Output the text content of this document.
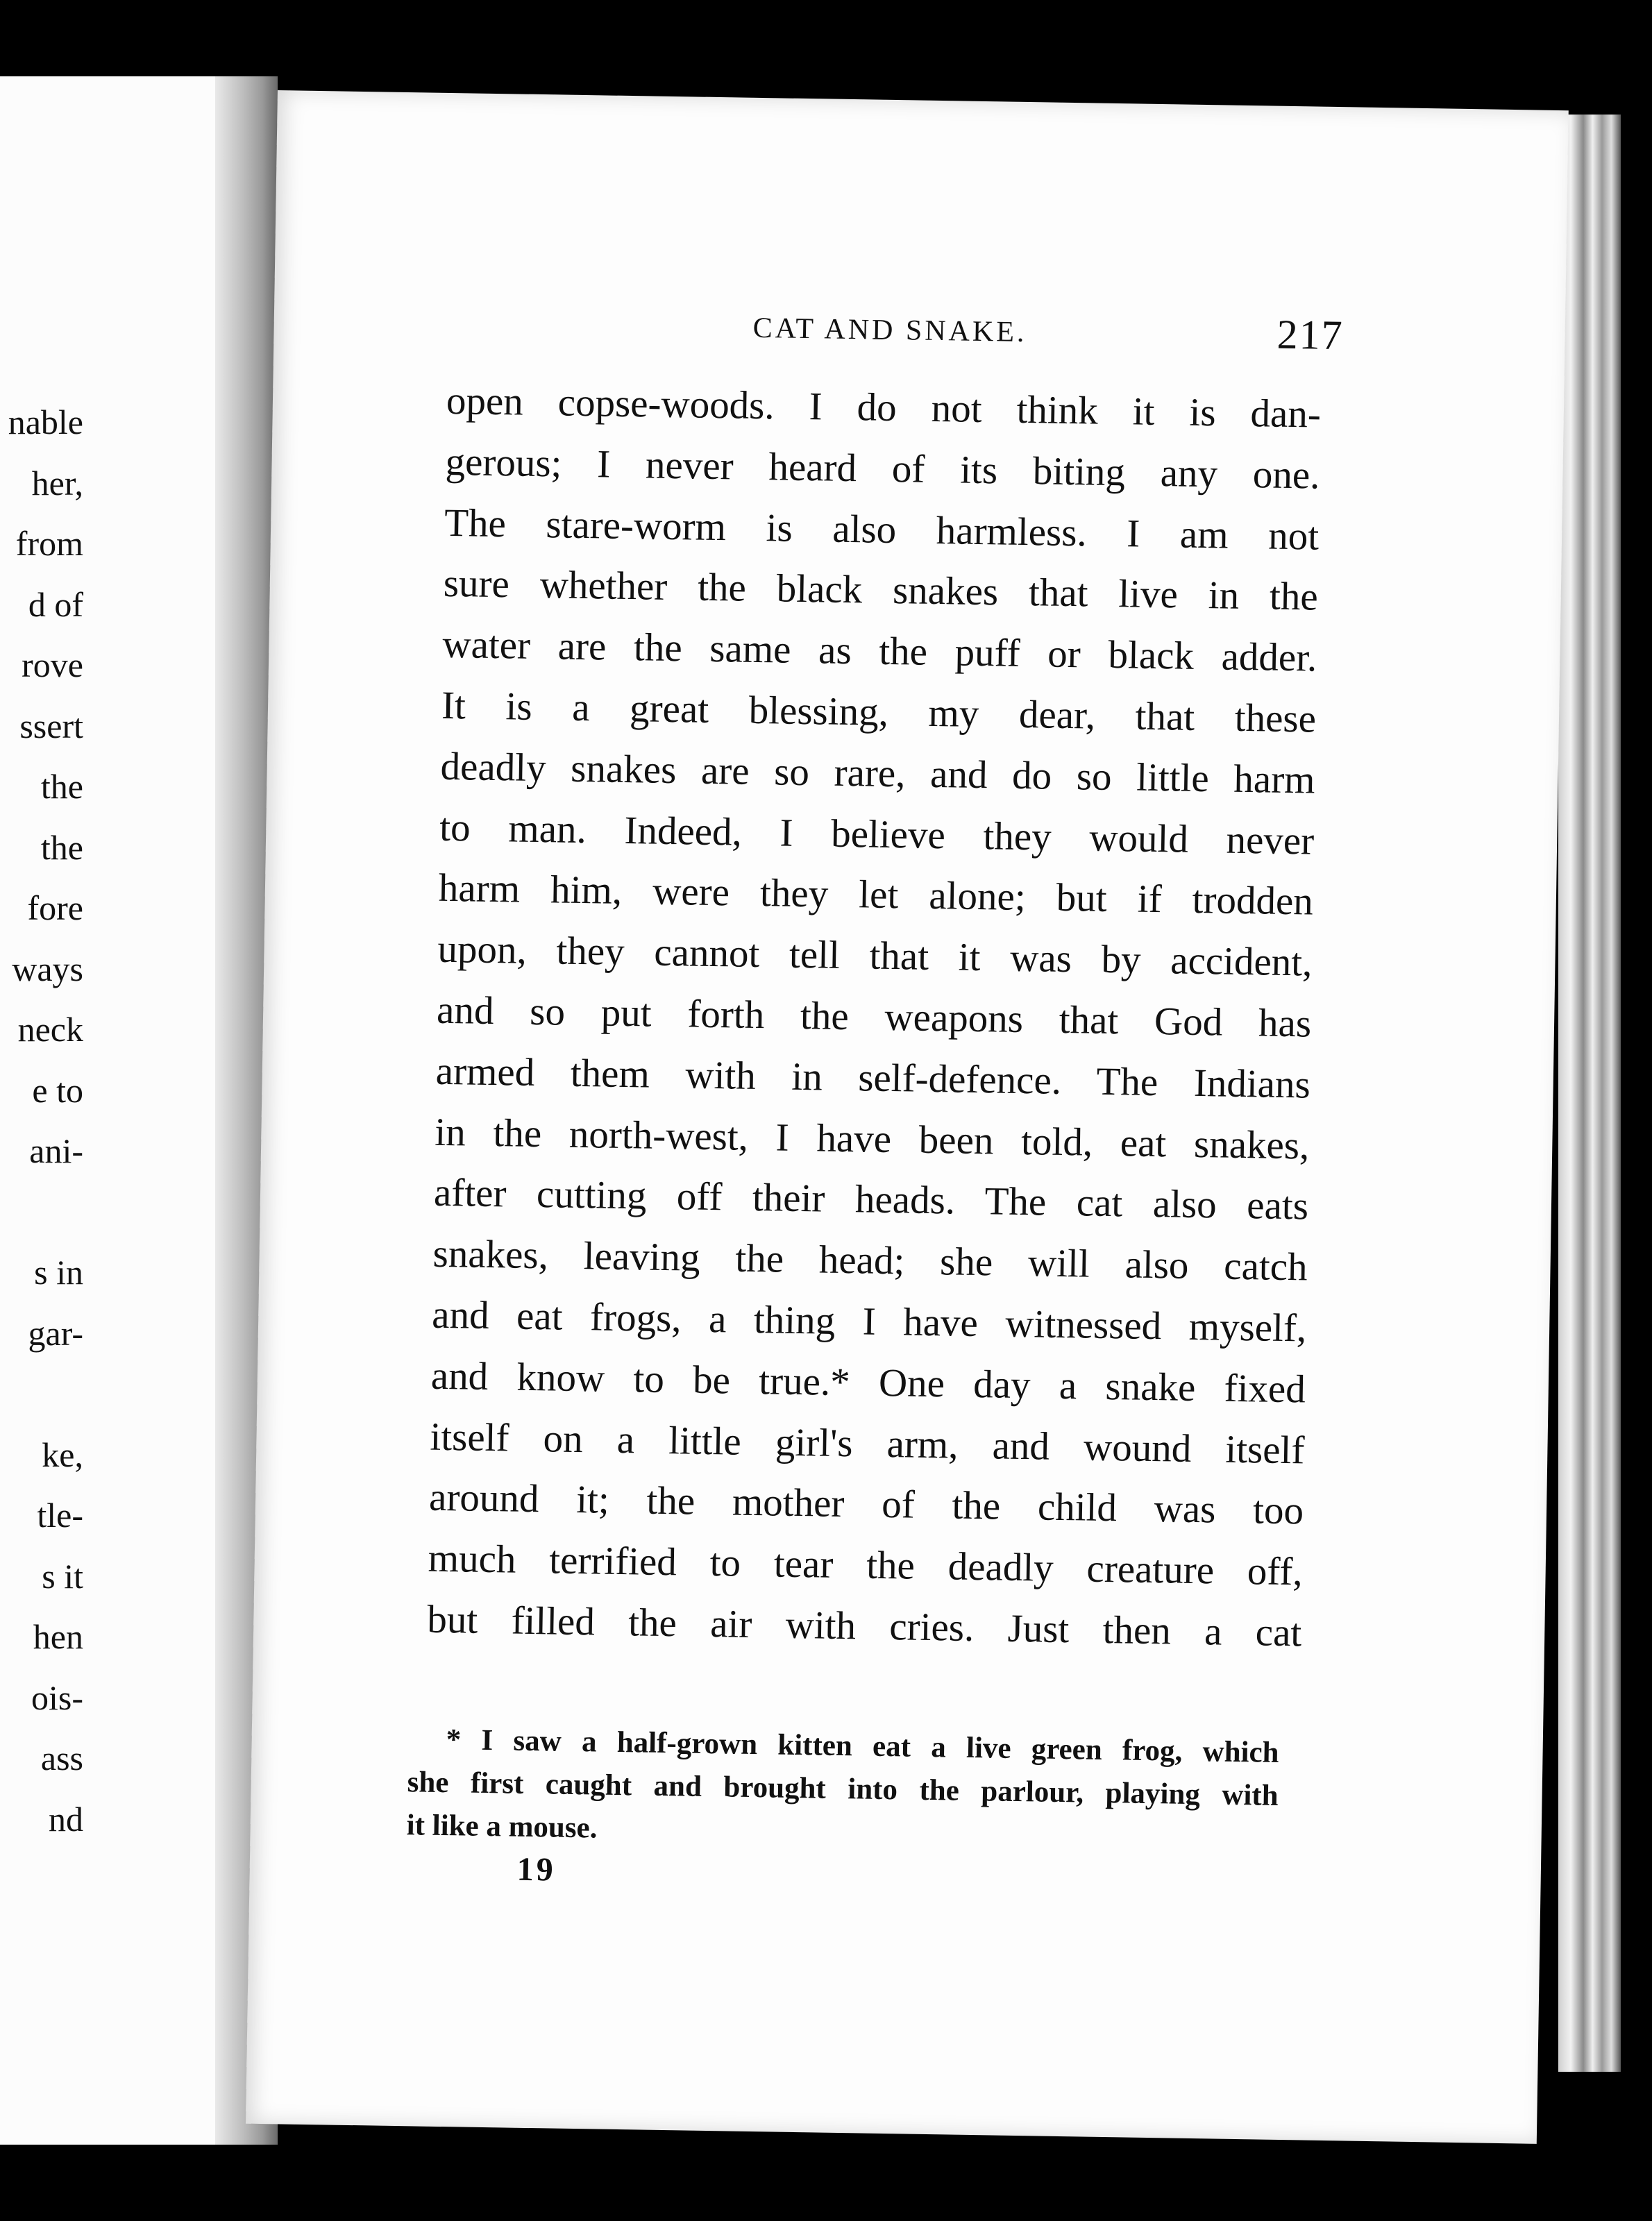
nable
her,
from
d of
rove
ssert
the
the
fore
ways
neck
e to
ani-
s in
gar-
ke,
tle-
s it
hen
ois-
ass
nd
CAT AND SNAKE.	217
open copse-woods. I do not think it is dan-
gerous; I never heard of its biting any one.
The stare-worm is also harmless. I am not
sure whether the black snakes that live in the
water are the same as the puff or black adder.
It is a great blessing, my dear, that these
deadly snakes are so rare, and do so little harm
to man. Indeed, I believe they would never
harm him, were they let alone; but if trodden
upon, they cannot tell that it was by accident,
and so put forth the weapons that God has
armed them with in self-defence. The Indians
in the north-west, I have been told, eat snakes,
after cutting off their heads. The cat also eats
snakes, leaving the head; she will also catch
and eat frogs, a thing I have witnessed myself,
and know to be true.* One day a snake fixed
itself on a little girl's arm, and wound itself
around it; the mother of the child was too
much terrified to tear the deadly creature off,
but filled the air with cries. Just then a cat
* I saw a half-grown kitten eat a live green frog, which
she first caught and brought into the parlour, playing with
it like a mouse.
19
